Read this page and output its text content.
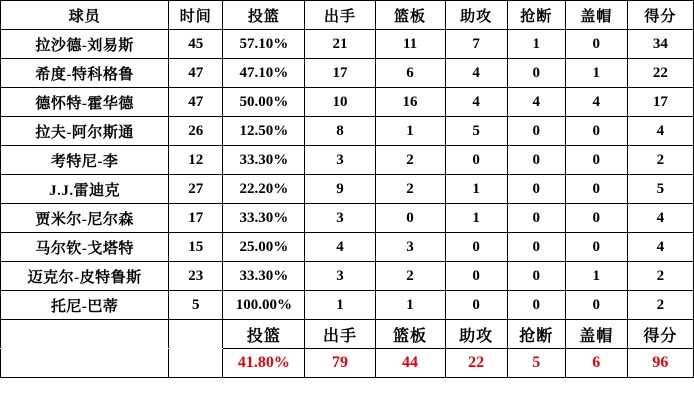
球员	时间	投篮	出手	篮板	助攻	抢断	盖帽	得分
拉沙德-刘易斯	45	57.10%	21	11	7	1	0	34
希度-特科格鲁	47	47.10%	17	6	4	0	1	22
德怀特-霍华德	47	50.00%	10	16	4	4	4	17
拉夫-阿尔斯通	26	12.50%	8	1	5	0	0	4
考特尼-李	12	33.30%	3	2	0	0	0	2
J.J.雷迪克	27	22.20%	9	2	1	0	0	5
贾米尔-尼尔森	17	33.30%	3	0	1	0	0	4
马尔钦-戈塔特	15	25.00%	4	3	0	0	0	4
迈克尔-皮特鲁斯	23	33.30%	3	2	0	0	1	2
托尼-巴蒂	5	100.00%	1	1	0	0	0	2
		投篮	出手	篮板	助攻	抢断	盖帽	得分
		41.80%	79	44	22	5	6	96
